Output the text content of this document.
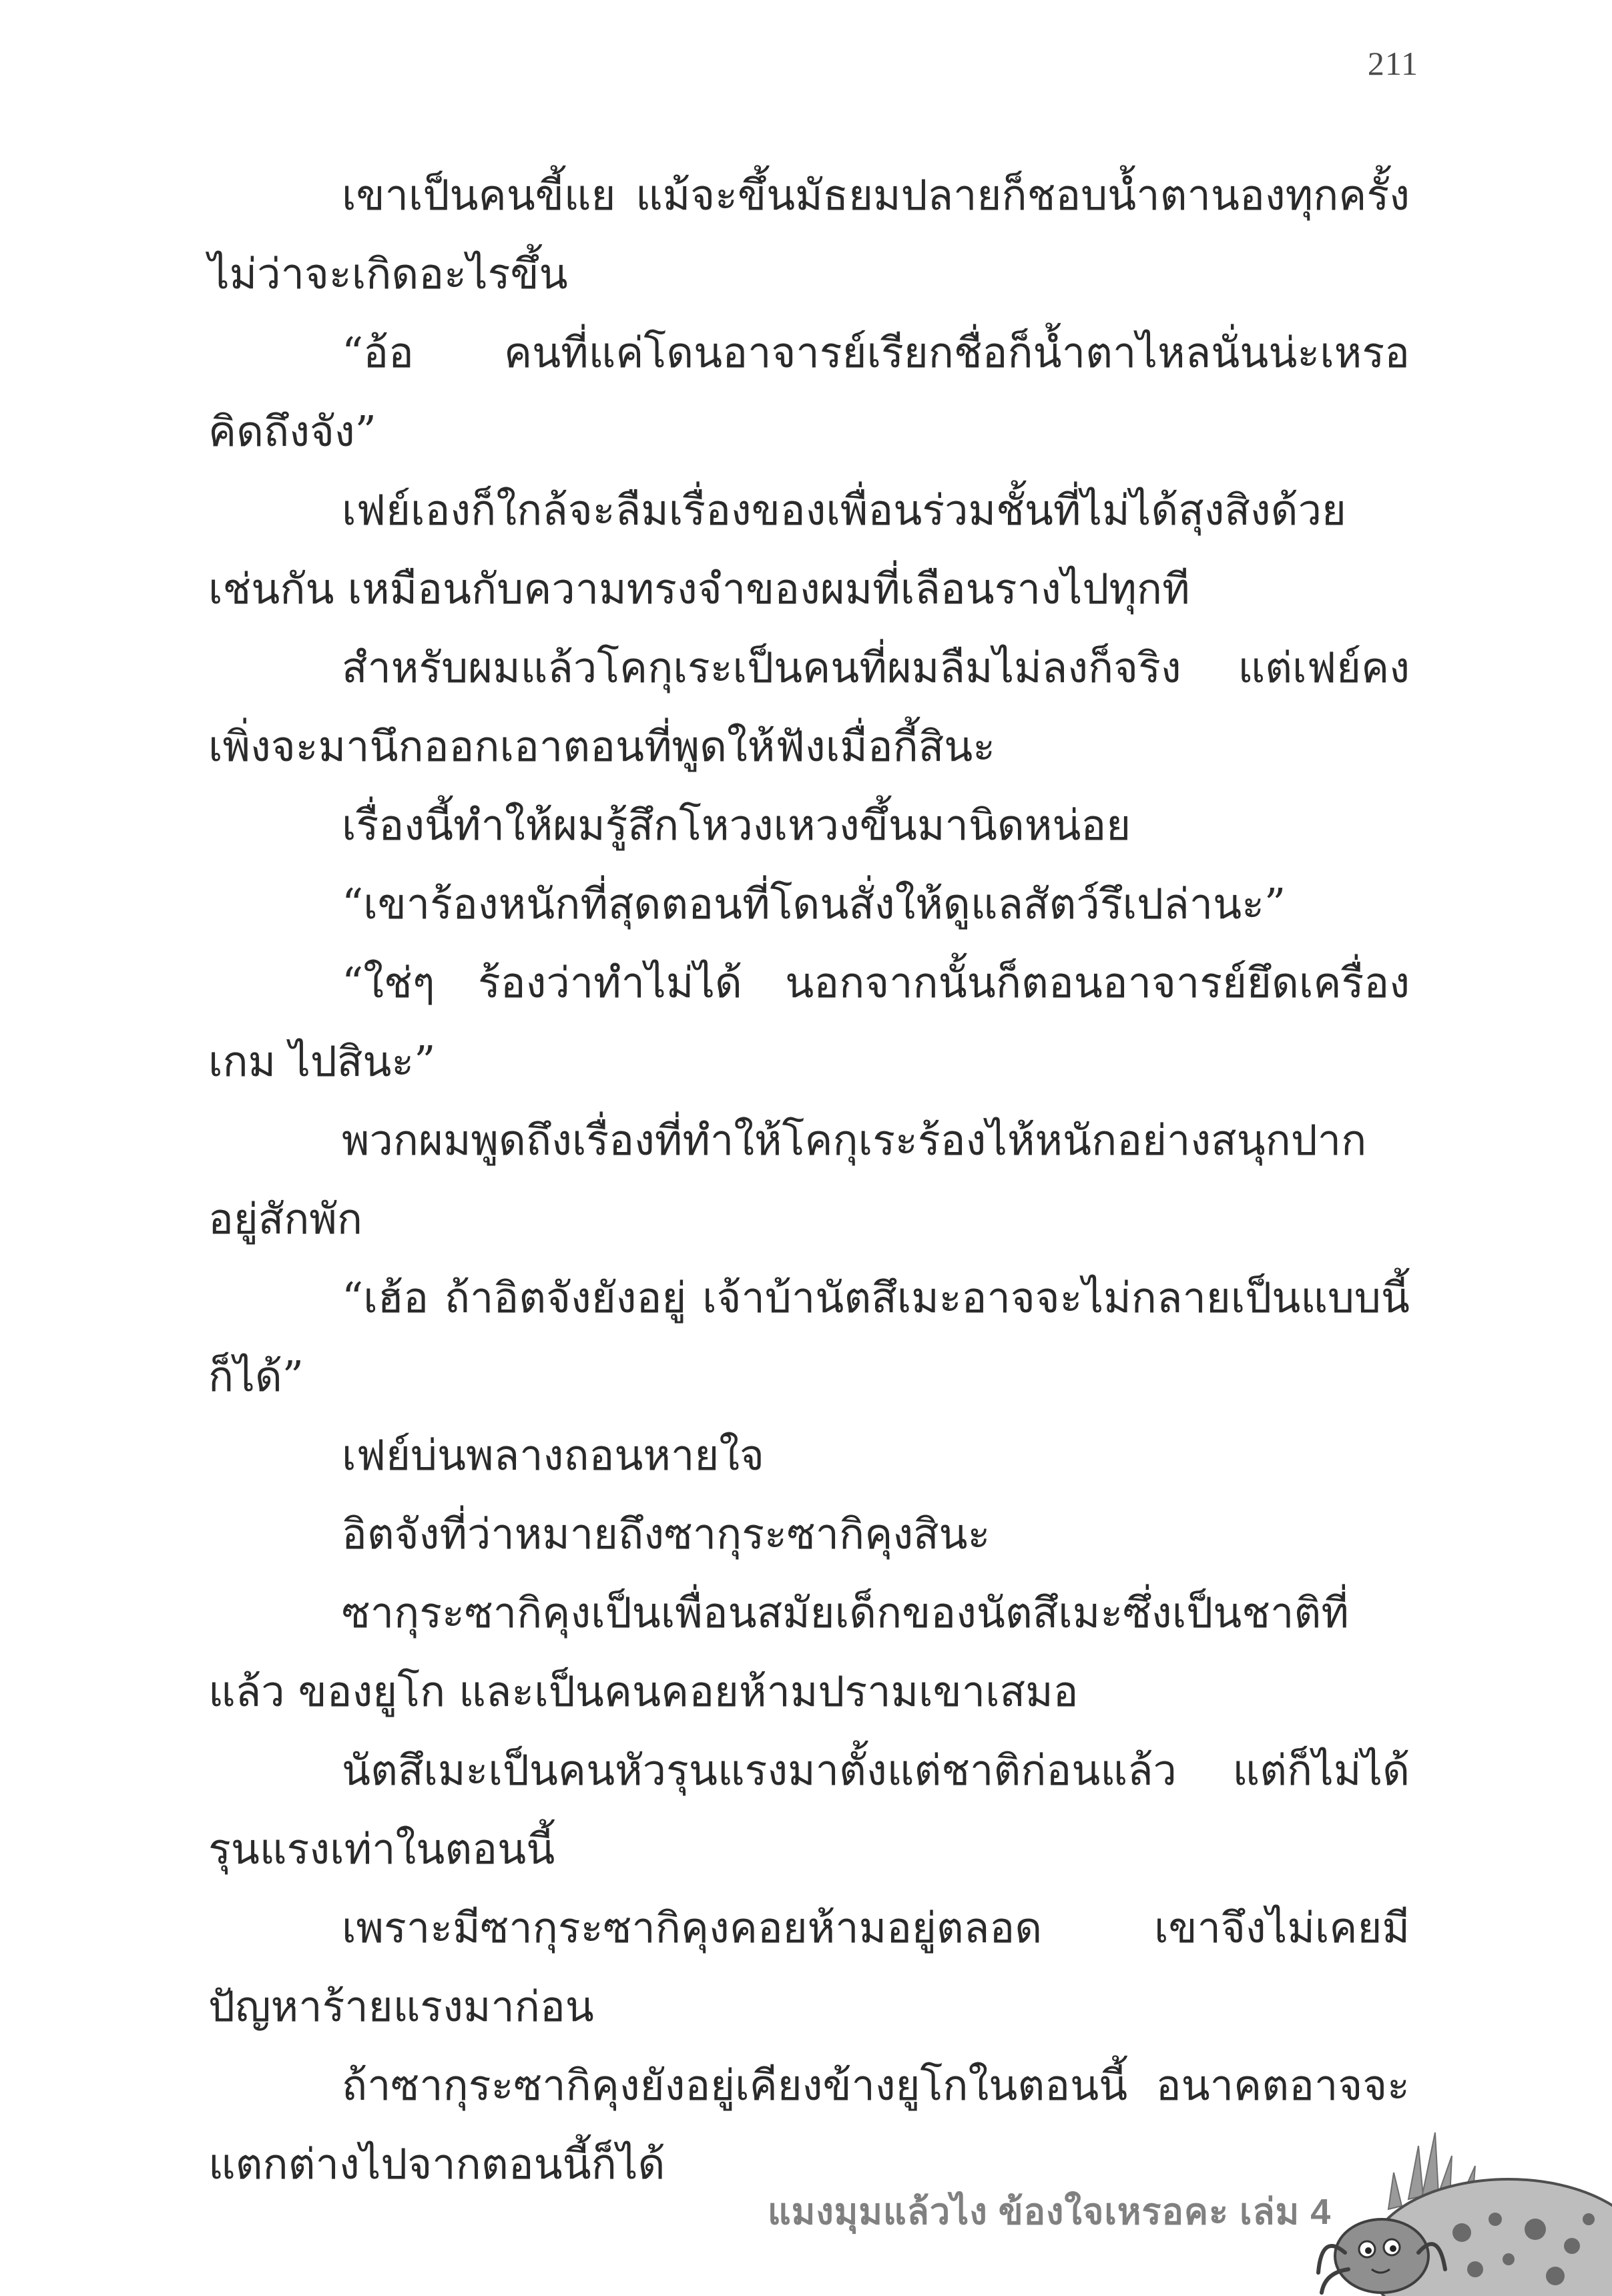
211

เขาเป็นคนขี้แย แม้จะขึ้นมัธยมปลายก็ชอบน้ำตานองทุกครั้ง ไม่ว่าจะเกิดอะไรขึ้น

“อ้อ คนที่แค่โดนอาจารย์เรียกชื่อก็น้ำตาไหลนั่นน่ะเหรอ คิดถึงจัง”

เฟย์เองก็ใกล้จะลืมเรื่องของเพื่อนร่วมชั้นที่ไม่ได้สุงสิงด้วย เช่นกัน เหมือนกับความทรงจำของผมที่เลือนรางไปทุกที

สำหรับผมแล้วโคกุเระเป็นคนที่ผมลืมไม่ลงก็จริง แต่เฟย์คง เพิ่งจะมานึกออกเอาตอนที่พูดให้ฟังเมื่อกี้สินะ

เรื่องนี้ทำให้ผมรู้สึกโหวงเหวงขึ้นมานิดหน่อย

“เขาร้องหนักที่สุดตอนที่โดนสั่งให้ดูแลสัตว์รึเปล่านะ”

“ใช่ๆ ร้องว่าทำไม่ได้ นอกจากนั้นก็ตอนอาจารย์ยึดเครื่องเกม ไปสินะ”

พวกผมพูดถึงเรื่องที่ทำให้โคกุเระร้องไห้หนักอย่างสนุกปาก อยู่สักพัก

“เฮ้อ ถ้าอิตจังยังอยู่ เจ้าบ้านัตสึเมะอาจจะไม่กลายเป็นแบบนี้ ก็ได้”

เฟย์บ่นพลางถอนหายใจ

อิตจังที่ว่าหมายถึงซากุระซากิคุงสินะ

ซากุระซากิคุงเป็นเพื่อนสมัยเด็กของนัตสึเมะซึ่งเป็นชาติที่แล้ว ของยูโก และเป็นคนคอยห้ามปรามเขาเสมอ

นัตสึเมะเป็นคนหัวรุนแรงมาตั้งแต่ชาติก่อนแล้ว แต่ก็ไม่ได้ รุนแรงเท่าในตอนนี้

เพราะมีซากุระซากิคุงคอยห้ามอยู่ตลอด เขาจึงไม่เคยมี ปัญหาร้ายแรงมาก่อน

ถ้าซากุระซากิคุงยังอยู่เคียงข้างยูโกในตอนนี้ อนาคตอาจจะ แตกต่างไปจากตอนนี้ก็ได้

แมงมุมแล้วไง ข้องใจเหรอคะ เล่ม 4
